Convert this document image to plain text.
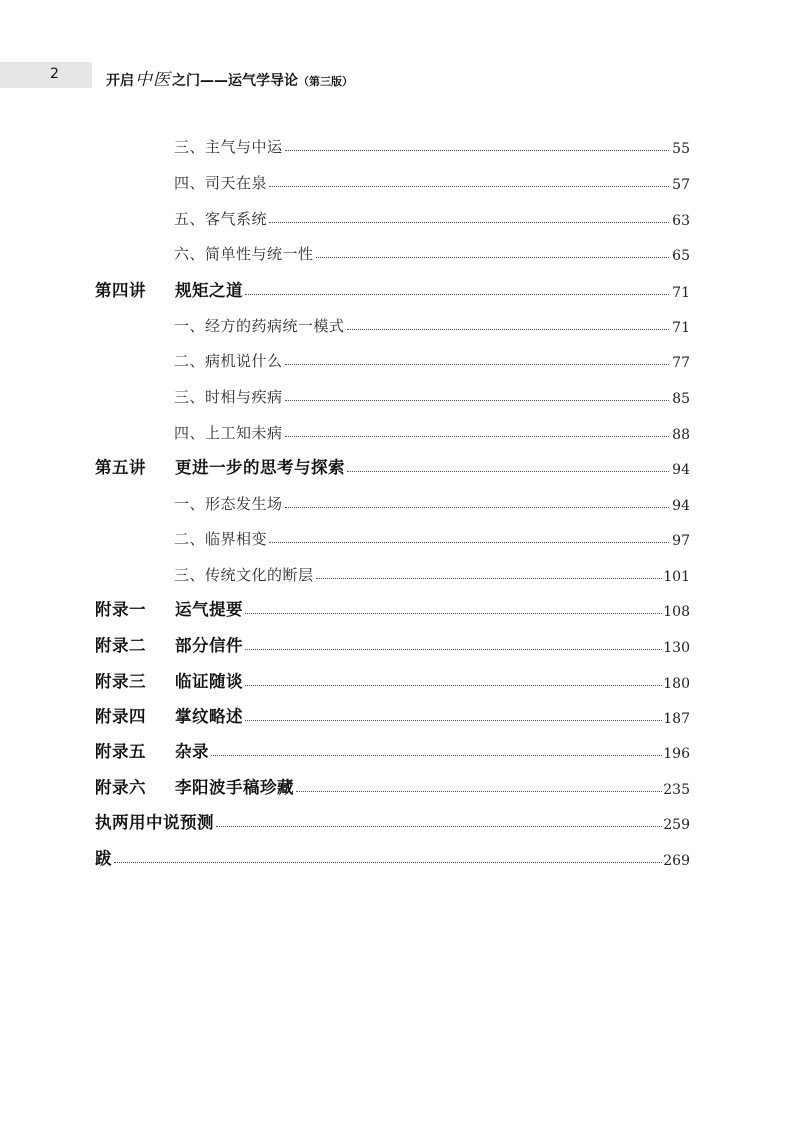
2	开启中医之门——运气学导论（第三版）
三、主气与中运	55
四、司天在泉	57
五、客气系统	63
六、简单性与统一性	65
第四讲 规矩之道	71
一、经方的药病统一模式	71
二、病机说什么	77
三、时相与疾病	85
四、上工知未病	88
第五讲 更进一步的思考与探索	94
一、形态发生场	94
二、临界相变	97
三、传统文化的断层	101
附录一 运气提要	108
附录二 部分信件	130
附录三 临证随谈	180
附录四 掌纹略述	187
附录五 杂录	196
附录六 李阳波手稿珍藏	235
执两用中说预测	259
跋	269
